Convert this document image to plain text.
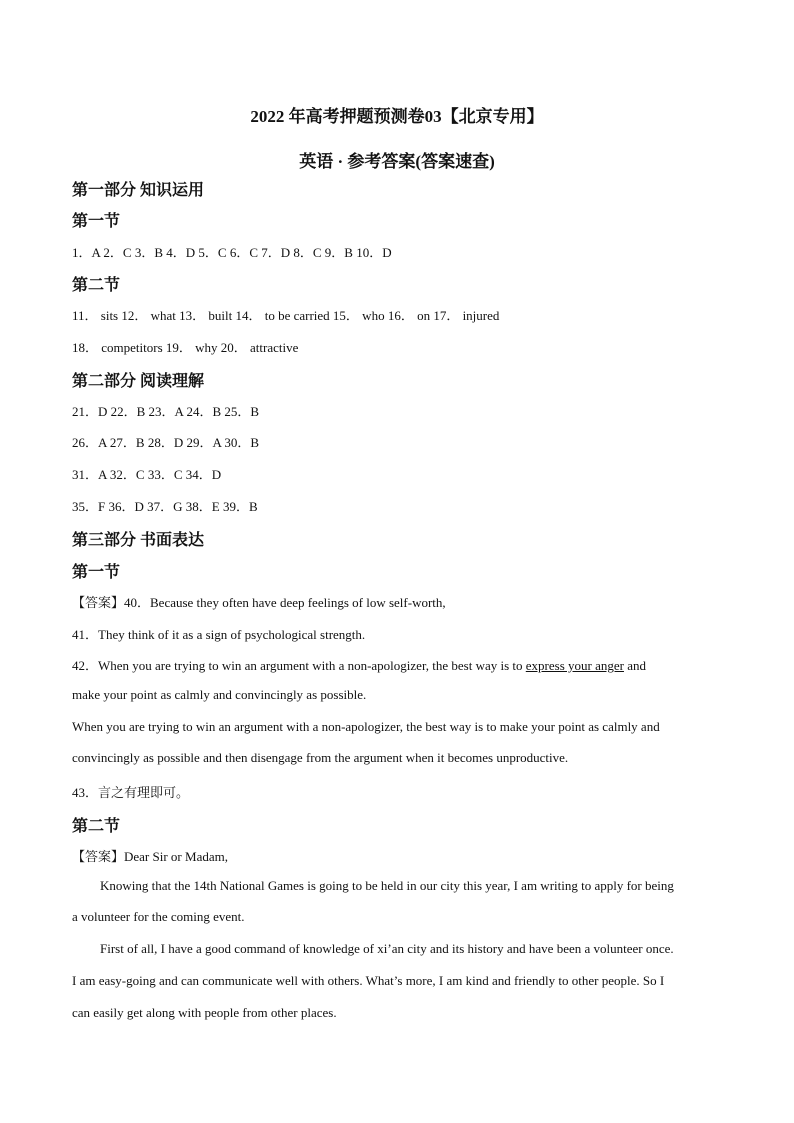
2022 年高考押题预测卷03【北京专用】
英语 · 参考答案(答案速查)
第一部分 知识运用
第一节
1．A 2．C 3．B 4．D 5．C 6．C 7．D 8．C 9．B 10．D
第二节
11． sits 12． what 13． built 14． to be carried 15． who 16． on 17． injured
18． competitors 19． why 20． attractive
第二部分 阅读理解
21．D 22．B 23．A 24．B 25．B
26．A 27．B 28．D 29．A 30．B
31．A 32．C 33．C 34．D
35．F 36．D 37．G 38．E 39．B
第三部分 书面表达
第一节
【答案】40．Because they often have deep feelings of low self-worth,
41．They think of it as a sign of psychological strength.
42．When you are trying to win an argument with a non-apologizer, the best way is to express your anger and
make your point as calmly and convincingly as possible.
When you are trying to win an argument with a non-apologizer, the best way is to make your point as calmly and
convincingly as possible and then disengage from the argument when it becomes unproductive.
43．言之有理即可。
第二节
【答案】Dear Sir or Madam,
Knowing that the 14th National Games is going to be held in our city this year, I am writing to apply for being
a volunteer for the coming event.
First of all, I have a good command of knowledge of xi’an city and its history and have been a volunteer once.
I am easy-going and can communicate well with others. What’s more, I am kind and friendly to other people. So I
can easily get along with people from other places.
